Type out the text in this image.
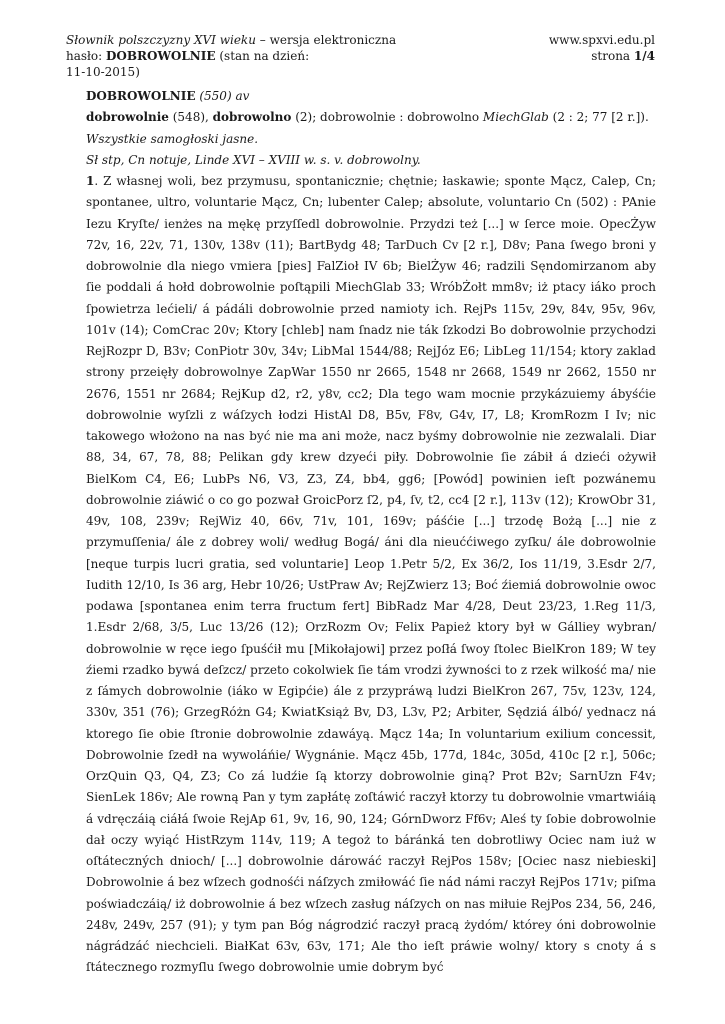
Słownik polszczyzny XVI wieku – wersja elektroniczna
hasło: DOBROWOLNIE (stan na dzień:
11-10-2015)
www.spxvi.edu.pl
strona 1/4

DOBROWOLNIE (550) av

dobrowolnie (548), dobrowolno (2); dobrowolnie : dobrowolno MiechGlab (2 : 2; 77 [2 r.]).

Wszystkie samogłoski jasne.

Sł stp, Cn notuje, Linde XVI – XVIII w. s. v. dobrowolny.

1. Z własnej woli, bez przymusu, spontanicznie; chętnie; łaskawie; sponte Mącz, Calep, Cn; spontanee, ultro, voluntarie Mącz, Cn; lubenter Calep; absolute, voluntario Cn (502) : PAnie Iezu Kryſte/ ienżes na mękę przyſſedl dobrowolnie. Przydzi też [...] w ſerce moie. OpecŻyw 72v, 16, 22v, 71, 130v, 138v (11); BartBydg 48; TarDuch Cv [2 r.], D8v; Pana ſwego broni y dobrowolnie dla niego vmiera [pies] FalZioł IV 6b; BielŻyw 46; radzili Sęndomirzanom aby ſie poddali á hołd dobrowolnie poſtąpili MiechGlab 33; WróbŻołt mm8v; iż ptacy iáko proch ſpowietrza lećieli/ á pádáli dobrowolnie przed namioty ich. RejPs 115v, 29v, 84v, 95v, 96v, 101v (14); ComCrac 20v; Ktory [chleb] nam ſnadz nie ták ſzkodzi Bo dobrowolnie przychodzi RejRozpr D, B3v; ConPiotr 30v, 34v; LibMal 1544/88; RejJóz E6; LibLeg 11/154; ktory zaklad strony przeięły dobrowolnye ZapWar 1550 nr 2665, 1548 nr 2668, 1549 nr 2662, 1550 nr 2676, 1551 nr 2684; RejKup d2, r2, y8v, cc2; Dla tego wam mocnie przykázuiemy ábyśćie dobrowolnie wyſzli z wáſzych łodzi HistAl D8, B5v, F8v, G4v, I7, L8; KromRozm I Iv; nic takowego włożono na nas być nie ma ani może, nacz byśmy dobrowolnie nie zezwalali. Diar 88, 34, 67, 78, 88; Pelikan gdy krew dzyeći piły. Dobrowolnie ſie zábił á dzieći ożywił BielKom C4, E6; LubPs N6, V3, Z3, Z4, bb4, gg6; [Powód] powinien ieſt pozwánemu dobrowolnie ziáwić o co go pozwał GroicPorz ſ2, p4, ſv, t2, cc4 [2 r.], 113v (12); KrowObr 31, 49v, 108, 239v; RejWiz 40, 66v, 71v, 101, 169v; páśćie [...] trzodę Bożą [...] nie z przymuſſenia/ ále z dobrey woli/ według Bogá/ áni dla nieuććiwego zyſku/ ále dobrowolnie [neque turpis lucri gratia, sed voluntarie] Leop 1.Petr 5/2, Ex 36/2, Ios 11/19, 3.Esdr 2/7, Iudith 12/10, Is 36 arg, Hebr 10/26; UstPraw Av; RejZwierz 13; Boć źiemiá dobrowolnie owoc podawa [spontanea enim terra fructum fert] BibRadz Mar 4/28, Deut 23/23, 1.Reg 11/3, 1.Esdr 2/68, 3/5, Luc 13/26 (12); OrzRozm Ov; Felix Papież ktory był w Gálliey wybran/ dobrowolnie w ręce iego ſpuśćił mu [Mikołajowi] przez poſłá ſwoy ſtolec BielKron 189; W tey źiemi rzadko bywá deſzcz/ przeto cokolwiek ſie tám vrodzi żywności to z rzek wilkość ma/ nie z ſámych dobrowolnie (iáko w Egipćie) ále z przypráwą ludzi BielKron 267, 75v, 123v, 124, 330v, 351 (76); GrzegRóżn G4; KwiatKsiąż Bv, D3, L3v, P2; Arbiter, Sędziá álbó/ yednacz ná ktorego ſie obie ſtronie dobrowolnie zdawáyą. Mącz 14a; In voluntarium exilium concessit, Dobrowolnie ſzedł na wywoláńie/ Wygnánie. Mącz 45b, 177d, 184c, 305d, 410c [2 r.], 506c; OrzQuin Q3, Q4, Z3; Co zá ludźie ſą ktorzy dobrowolnie giną? Prot B2v; SarnUzn F4v; SienLek 186v; Ale rowną Pan y tym zapłátę zoſtáwić raczył ktorzy tu dobrowolnie vmartwiáią á vdręczáią ciáłá ſwoie RejAp 61, 9v, 16, 90, 124; GórnDworz Ff6v; Aleś ty ſobie dobrowolnie dał oczy wyiąć HistRzym 114v, 119; A tegoż to báránká ten dobrotliwy Ociec nam iuż w oſtáteczných dnioch/ [...] dobrowolnie dárowáć raczył RejPos 158v; [Ociec nasz niebieski] Dobrowolnie á bez wſzech godnośći náſzych zmiłowáć ſie nád námi raczył RejPos 171v; piſma poświadczáią/ iż dobrowolnie á bez wſzech zasług náſzych on nas miłuie RejPos 234, 56, 246, 248v, 249v, 257 (91); y tym pan Bóg nágrodzić raczył pracą żydóm/ którey óni dobrowolnie nágrádzáć niechcieli. BiałKat 63v, 63v, 171; Ale tho ieſt práwie wolny/ ktory s cnoty á s ſtátecznego rozmyſlu ſwego dobrowolnie umie dobrym być
